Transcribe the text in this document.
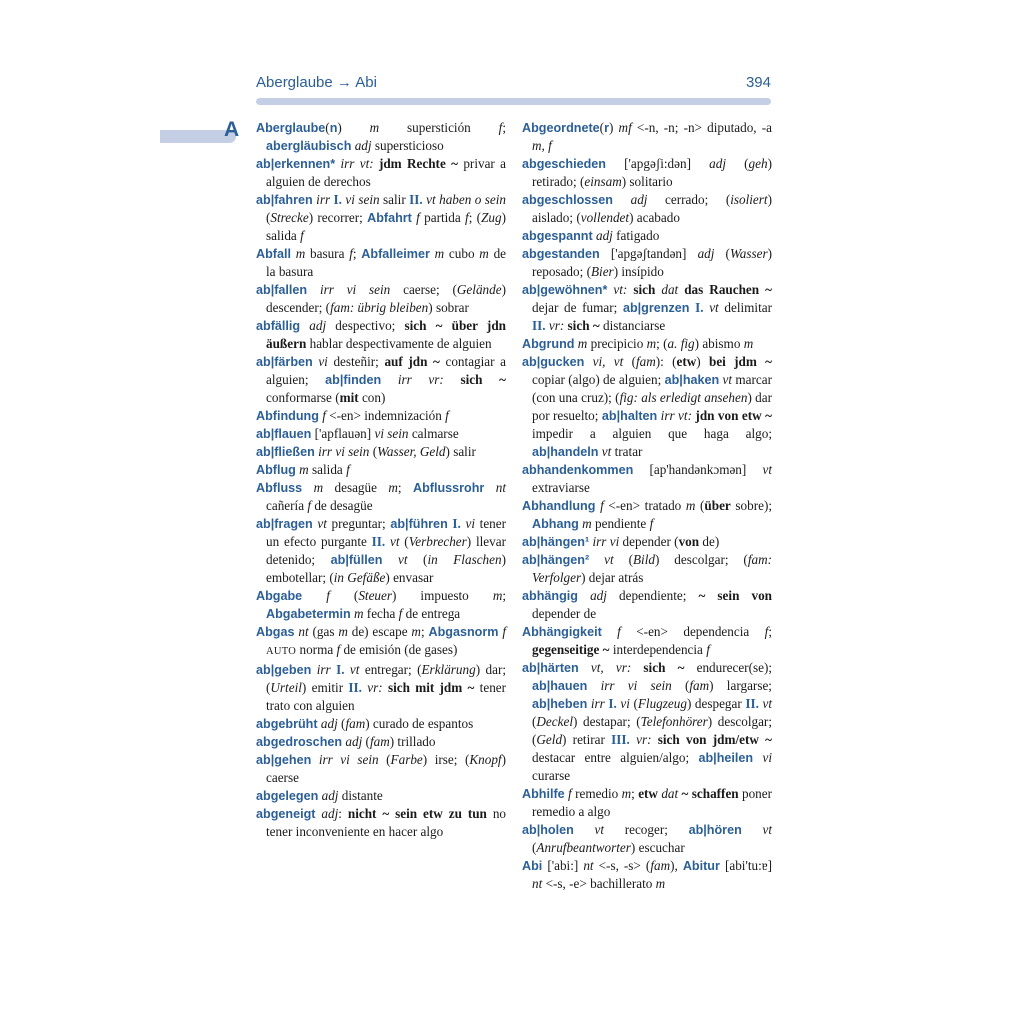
Aberglaube → Abi	394
A Aberglaube(n) m superstición f; abergläubisch adj supersticioso

ab|erkennen* irr vt: jdm Rechte ~ privar a alguien de derechos

ab|fahren irr I. vi sein salir II. vt haben o sein (Strecke) recorrer; Abfahrt f partida f; (Zug) salida f

Abfall m basura f; Abfalleimer m cubo m de la basura

ab|fallen irr vi sein caerse; (Gelände) descender; (fam: übrig bleiben) sobrar

abfällig adj despectivo; sich ~ über jdn äußern hablar despectivamente de alguien

ab|färben vi desteñir; auf jdn ~ contagiar a alguien; ab|finden irr vr: sich ~ conformarse (mit con)

Abfindung f <-en> indemnización f

ab|flauen ['apflauən] vi sein calmarse

ab|fließen irr vi sein (Wasser, Geld) salir

Abflug m salida f

Abfluss m desagüe m; Abflussrohr nt cañería f de desagüe

ab|fragen vt preguntar; ab|führen I. vi tener un efecto purgante II. vt (Verbrecher) llevar detenido; ab|füllen vt (in Flaschen) embotellar; (in Gefäße) envasar

Abgabe f (Steuer) impuesto m; Abgabetermin m fecha f de entrega

Abgas nt (gas m de) escape m; Abgasnorm f AUTO norma f de emisión (de gases)

ab|geben irr I. vt entregar; (Erklärung) dar; (Urteil) emitir II. vr: sich mit jdm ~ tener trato con alguien

abgebrüht adj (fam) curado de espantos

abgedroschen adj (fam) trillado

ab|gehen irr vi sein (Farbe) irse; (Knopf) caerse

abgelegen adj distante

abgeneigt adj: nicht ~ sein etw zu tun no tener inconveniente en hacer algo

Abgeordnete(r) mf <-n, -n; -n> diputado, -a m, f

abgeschieden ['apgəʃi:dən] adj (geh) retirado; (einsam) solitario

abgeschlossen adj cerrado; (isoliert) aislado; (vollendet) acabado

abgespannt adj fatigado

abgestanden ['apgəʃtandən] adj (Wasser) reposado; (Bier) insípido

ab|gewöhnen* vt: sich dat das Rauchen ~ dejar de fumar; ab|grenzen I. vt delimitar II. vr: sich ~ distanciarse

Abgrund m precipicio m; (a. fig) abismo m

ab|gucken vi, vt (fam): (etw) bei jdm ~ copiar (algo) de alguien; ab|haken vt marcar (con una cruz); (fig: als erledigt ansehen) dar por resuelto; ab|halten irr vt: jdn von etw ~ impedir a alguien que haga algo; ab|handeln vt tratar

abhandenkommen [ap'handənkɔmən] vt extraviarse

Abhandlung f <-en> tratado m (über sobre); Abhang m pendiente f

ab|hängen¹ irr vi depender (von de)

ab|hängen² vt (Bild) descolgar; (fam: Verfolger) dejar atrás

abhängig adj dependiente; ~ sein von depender de

Abhängigkeit f <-en> dependencia f; gegenseitige ~ interdependencia f

ab|härten vt, vr: sich ~ endurecer(se); ab|hauen irr vi sein (fam) largarse; ab|heben irr I. vi (Flugzeug) despegar II. vt (Deckel) destapar; (Telefonhörer) descolgar; (Geld) retirar III. vr: sich von jdm/etw ~ destacar entre alguien/algo; ab|heilen vi curarse

Abhilfe f remedio m; etw dat ~ schaffen poner remedio a algo

ab|holen vt recoger; ab|hören vt (Anrufbeantworter) escuchar

Abi ['abi:] nt <-s, -s> (fam), Abitur [abi'tu:ɐ] nt <-s, -e> bachillerato m
